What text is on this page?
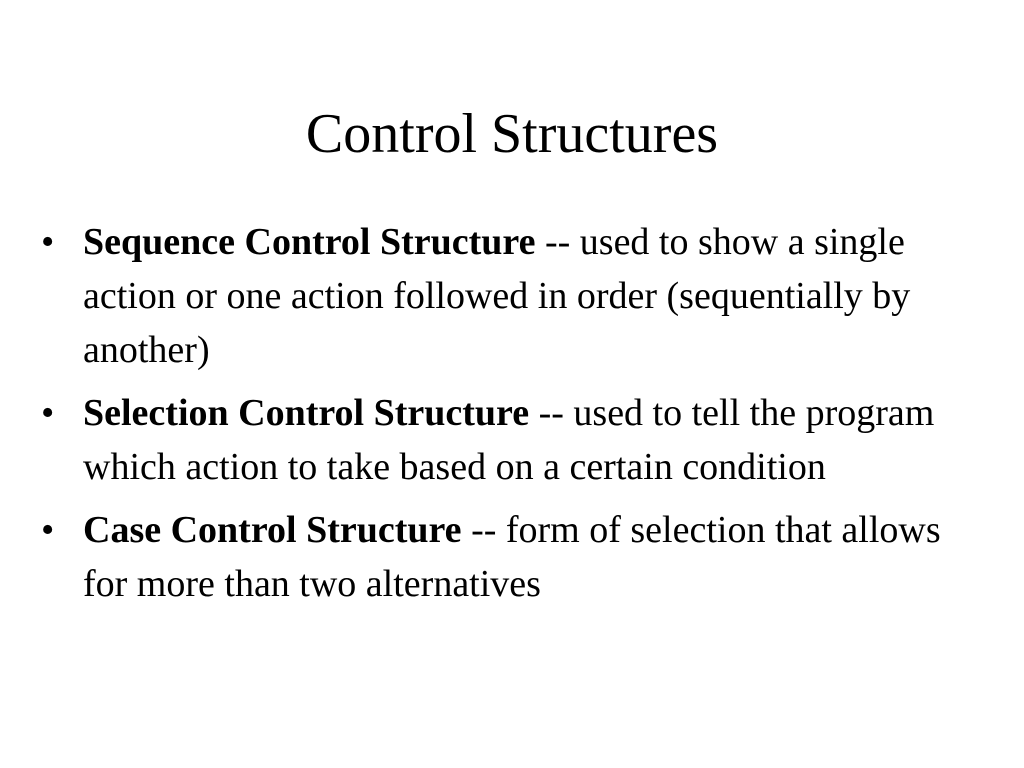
Control Structures
• Sequence Control Structure -- used to show a single action or one action followed in order (sequentially by another)
• Selection Control Structure -- used to tell the program which action to take based on a certain condition
• Case Control Structure -- form of selection that allows for more than two alternatives
